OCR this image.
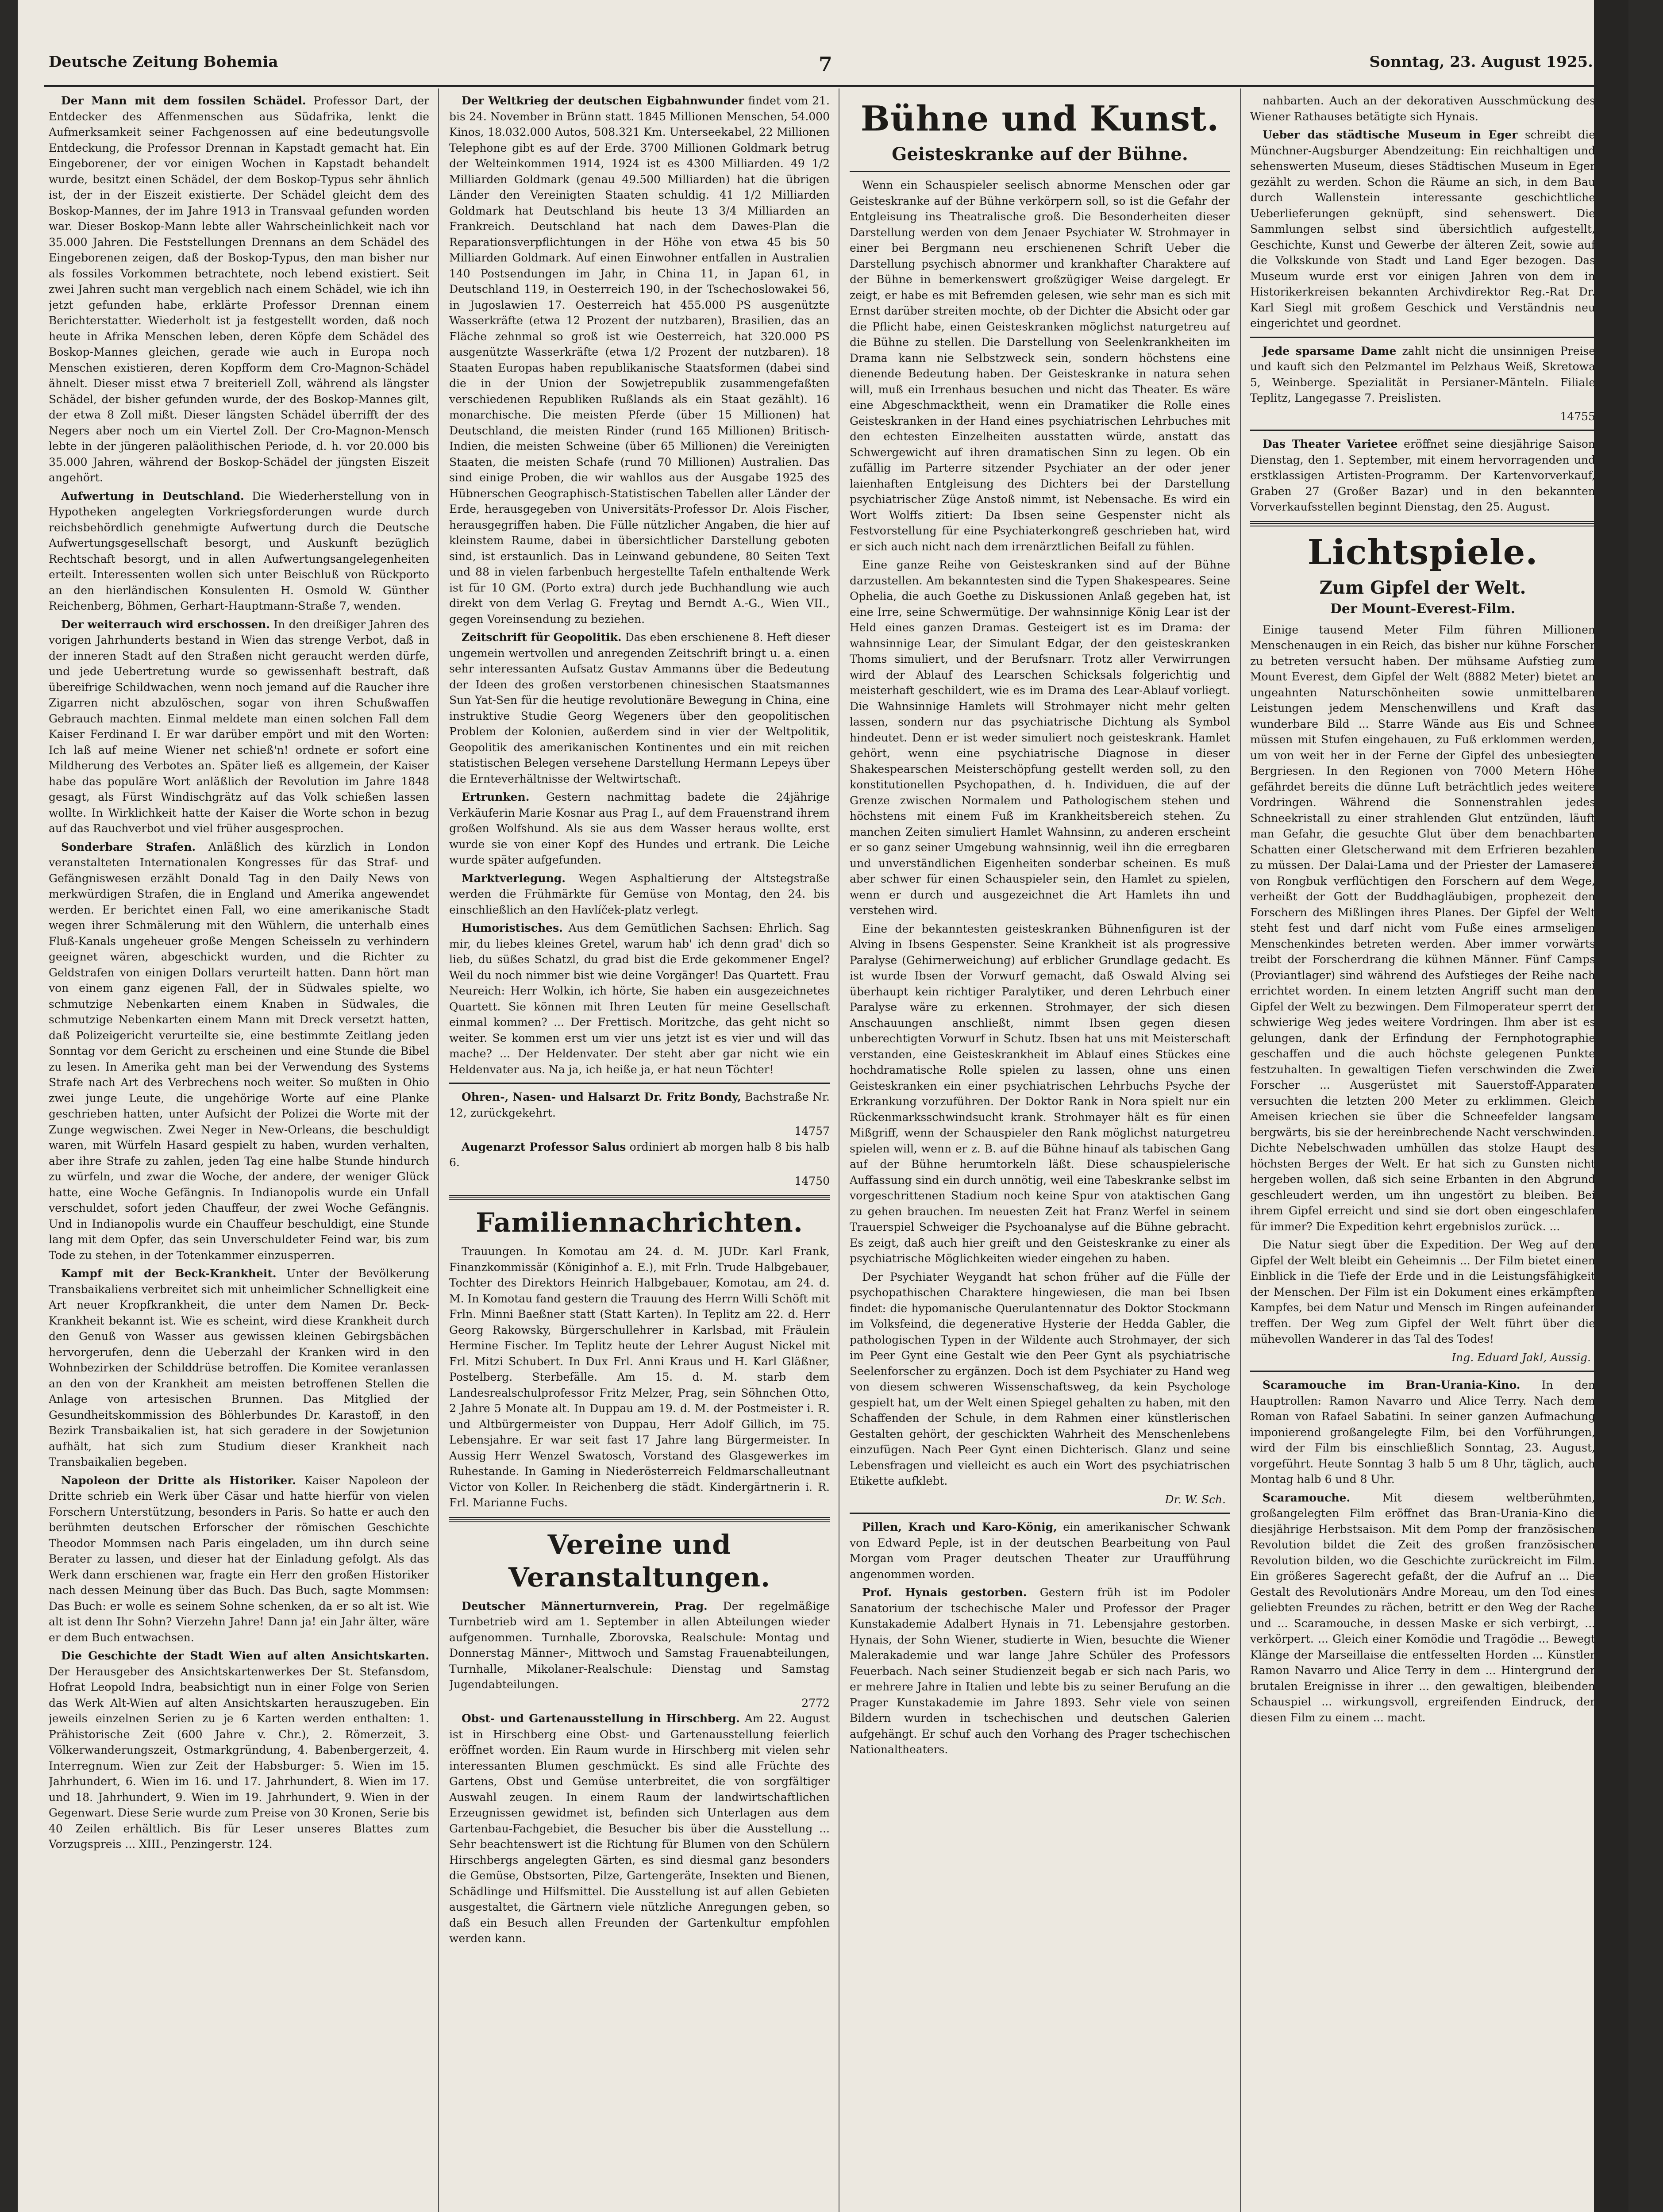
Deutsche Zeitung Bohemia	7	Sonntag, 23. August 1925.

Der Mann mit dem fossilen Schädel. Professor Dart, der Entdecker des Affenmenschen aus Südafrika, lenkt die Aufmerksamkeit seiner Fachgenossen auf eine bedeutungsvolle Entdeckung, die Professor Drennan in Kapstadt gemacht hat. Ein Eingeborener, der vor einigen Wochen in Kapstadt behandelt wurde, besitzt einen Schädel, der dem Boskop-Typus sehr ähnlich ist, der in der Eiszeit existierte. Der Schädel gleicht dem des Boskop-Mannes, der im Jahre 1913 in Transvaal gefunden worden war. Dieser Boskop-Mann lebte aller Wahrscheinlichkeit nach vor 35.000 Jahren. Die Feststellungen Drennans an dem Schädel des Eingeborenen zeigen, daß der Boskop-Typus, den man bisher nur als fossiles Vorkommen betrachtete, noch lebend existiert. Seit zwei Jahren sucht man vergeblich nach einem Schädel, wie ich ihn jetzt gefunden habe, erklärte Professor Drennan einem Berichterstatter. Wiederholt ist ja festgestellt worden, daß noch heute in Afrika Menschen leben, deren Köpfe dem Schädel des Boskop-Mannes gleichen, gerade wie auch in Europa noch Menschen existieren, deren Kopfform dem Cro-Magnon-Schädel ähnelt. Dieser misst etwa 7 breiteriell Zoll, während als längster Schädel, der bisher gefunden wurde, der des Boskop-Mannes gilt, der etwa 8 Zoll mißt. Dieser längsten Schädel überrifft der des Negers aber noch um ein Viertel Zoll. Der Cro-Magnon-Mensch lebte in der jüngeren paläolithischen Periode, d. h. vor 20.000 bis 35.000 Jahren, während der Boskop-Schädel der jüngsten Eiszeit angehört.

Aufwertung in Deutschland. Die Wiederherstellung von in Hypotheken angelegten Vorkriegsforderungen wurde durch reichsbehördlich genehmigte Aufwertung durch die Deutsche Aufwertungsgesellschaft besorgt, und Auskunft bezüglich Rechtschaft besorgt, und in allen Aufwertungsangelegenheiten erteilt. Interessenten wollen sich unter Beischluß von Rückporto an den hierländischen Konsulenten H. Osmold W. Günther Reichenberg, Böhmen, Gerhart-Hauptmann-Straße 7, wenden.

Der weiterrauch wird erschossen. In den dreißiger Jahren des vorigen Jahrhunderts bestand in Wien das strenge Verbot, daß in der inneren Stadt auf den Straßen nicht geraucht werden dürfe, und jede Uebertretung wurde so gewissenhaft bestraft, daß übereifrige Schildwachen, wenn noch jemand auf die Raucher ihre Zigarren nicht abzulöschen, sogar von ihren Schußwaffen Gebrauch machten. Einmal meldete man einen solchen Fall dem Kaiser Ferdinand I. Er war darüber empört und mit den Worten: Ich laß auf meine Wiener net schieß'n! ordnete er sofort eine Mildherung des Verbotes an. Später ließ es allgemein, der Kaiser habe das populäre Wort anläßlich der Revolution im Jahre 1848 gesagt, als Fürst Windischgrätz auf das Volk schießen lassen wollte. In Wirklichkeit hatte der Kaiser die Worte schon in bezug auf das Rauchverbot und viel früher ausgesprochen.

Sonderbare Strafen. Anläßlich des kürzlich in London veranstalteten Internationalen Kongresses für das Straf- und Gefängniswesen erzählt Donald Tag in den Daily News von merkwürdigen Strafen, die in England und Amerika angewendet werden. Er berichtet einen Fall, wo eine amerikanische Stadt wegen ihrer Schmälerung mit den Wühlern, die unterhalb eines Fluß-Kanals ungeheuer große Mengen Scheisseln zu verhindern geeignet wären, abgeschickt wurden, und die Richter zu Geldstrafen von einigen Dollars verurteilt hatten. Dann hört man von einem ganz eigenen Fall, der in Südwales spielte, wo schmutzige Nebenkarten einem Knaben in Südwales, die schmutzige Nebenkarten einem Mann mit Dreck versetzt hatten, daß Polizeigericht verurteilte sie, eine bestimmte Zeitlang jeden Sonntag vor dem Gericht zu erscheinen und eine Stunde die Bibel zu lesen. In Amerika geht man bei der Verwendung des Systems Strafe nach Art des Verbrechens noch weiter. So mußten in Ohio zwei junge Leute, die ungehörige Worte auf eine Planke geschrieben hatten, unter Aufsicht der Polizei die Worte mit der Zunge wegwischen. Zwei Neger in New-Orleans, die beschuldigt waren, mit Würfeln Hasard gespielt zu haben, wurden verhalten, aber ihre Strafe zu zahlen, jeden Tag eine halbe Stunde hindurch zu würfeln, und zwar die Woche, der andere, der weniger Glück hatte, eine Woche Gefängnis. In Indianopolis wurde ein Unfall verschuldet, sofort jeden Chauffeur, der zwei Woche Gefängnis. Und in Indianopolis wurde ein Chauffeur beschuldigt, eine Stunde lang mit dem Opfer, das sein Unverschuldeter Feind war, bis zum Tode zu stehen, in der Totenkammer einzusperren.

Kampf mit der Beck-Krankheit. Unter der Bevölkerung Transbaikaliens verbreitet sich mit unheimlicher Schnelligkeit eine Art neuer Kropfkrankheit, die unter dem Namen Dr. Beck-Krankheit bekannt ist. Wie es scheint, wird diese Krankheit durch den Genuß von Wasser aus gewissen kleinen Gebirgsbächen hervorgerufen, denn die Ueberzahl der Kranken wird in den Wohnbezirken der Schilddrüse betroffen. Die Komitee veranlassen an den von der Krankheit am meisten betroffenen Stellen die Anlage von artesischen Brunnen. Das Mitglied der Gesundheitskommission des Böhlerbundes Dr. Karastoff, in den Bezirk Transbaikalien ist, hat sich geradere in der Sowjetunion aufhält, hat sich zum Studium dieser Krankheit nach Transbaikalien begeben.

Napoleon der Dritte als Historiker. Kaiser Napoleon der Dritte schrieb ein Werk über Cäsar und hatte hierfür von vielen Forschern Unterstützung, besonders in Paris. So hatte er auch den berühmten deutschen Erforscher der römischen Geschichte Theodor Mommsen nach Paris eingeladen, um ihn durch seine Berater zu lassen, und dieser hat der Einladung gefolgt. Als das Werk dann erschienen war, fragte ein Herr den großen Historiker nach dessen Meinung über das Buch. Das Buch, sagte Mommsen: Das Buch: er wolle es seinem Sohne schenken, da er so alt ist. Wie alt ist denn Ihr Sohn? Vierzehn Jahre! Dann ja! ein Jahr älter, wäre er dem Buch entwachsen.

Die Geschichte der Stadt Wien auf alten Ansichtskarten. Der Herausgeber des Ansichtskartenwerkes Der St. Stefansdom, Hofrat Leopold Indra, beabsichtigt nun in einer Folge von Serien das Werk Alt-Wien auf alten Ansichtskarten herauszugeben. Ein jeweils einzelnen Serien zu je 6 Karten werden enthalten: 1. Prähistorische Zeit (600 Jahre v. Chr.), 2. Römerzeit, 3. Völkerwanderungszeit, Ostmarkgründung, 4. Babenbergerzeit, 4. Interregnum. Wien zur Zeit der Habsburger: 5. Wien im 15. Jahrhundert, 6. Wien im 16. und 17. Jahrhundert, 8. Wien im 17. und 18. Jahrhundert, 9. Wien im 19. Jahrhundert, 9. Wien in der Gegenwart. Diese Serie wurde zum Preise von 30 Kronen, Serie bis 40 Zeilen erhältlich. Bis für Leser unseres Blattes zum Vorzugspreis ... XIII., Penzingerstr. 124.

Der Weltkrieg der deutschen Eigbahnwunder findet vom 21. bis 24. November in Brünn statt. 1845 Millionen Menschen, 54.000 Kinos, 18.032.000 Autos, 508.321 Km. Unterseekabel, 22 Millionen Telephone gibt es auf der Erde. 3700 Millionen Goldmark betrug der Welteinkommen 1914, 1924 ist es 4300 Milliarden. 49 1/2 Milliarden Goldmark (genau 49.500 Milliarden) hat die übrigen Länder den Vereinigten Staaten schuldig. 41 1/2 Milliarden Goldmark hat Deutschland bis heute 13 3/4 Milliarden an Frankreich. Deutschland hat nach dem Dawes-Plan die Reparationsverpflichtungen in der Höhe von etwa 45 bis 50 Milliarden Goldmark. Auf einen Einwohner entfallen in Australien 140 Postsendungen im Jahr, in China 11, in Japan 61, in Deutschland 119, in Oesterreich 190, in der Tschechoslowakei 56, in Jugoslawien 17. Oesterreich hat 455.000 PS ausgenützte Wasserkräfte (etwa 12 Prozent der nutzbaren), Brasilien, das an Fläche zehnmal so groß ist wie Oesterreich, hat 320.000 PS ausgenützte Wasserkräfte (etwa 1/2 Prozent der nutzbaren). 18 Staaten Europas haben republikanische Staatsformen (dabei sind die in der Union der Sowjetrepublik zusammengefaßten verschiedenen Republiken Rußlands als ein Staat gezählt). 16 monarchische. Die meisten Pferde (über 15 Millionen) hat Deutschland, die meisten Rinder (rund 165 Millionen) Britisch-Indien, die meisten Schweine (über 65 Millionen) die Vereinigten Staaten, die meisten Schafe (rund 70 Millionen) Australien. Das sind einige Proben, die wir wahllos aus der Ausgabe 1925 des Hübnerschen Geographisch-Statistischen Tabellen aller Länder der Erde, herausgegeben von Universitäts-Professor Dr. Alois Fischer, herausgegriffen haben. Die Fülle nützlicher Angaben, die hier auf kleinstem Raume, dabei in übersichtlicher Darstellung geboten sind, ist erstaunlich. Das in Leinwand gebundene, 80 Seiten Text und 88 in vielen farbenbuch hergestellte Tafeln enthaltende Werk ist für 10 GM. (Porto extra) durch jede Buchhandlung wie auch direkt von dem Verlag G. Freytag und Berndt A.-G., Wien VII., gegen Voreinsendung zu beziehen.

Zeitschrift für Geopolitik. Das eben erschienene 8. Heft dieser ungemein wertvollen und anregenden Zeitschrift bringt u. a. einen sehr interessanten Aufsatz Gustav Ammanns über die Bedeutung der Ideen des großen verstorbenen chinesischen Staatsmannes Sun Yat-Sen für die heutige revolutionäre Bewegung in China, eine instruktive Studie Georg Wegeners über den geopolitischen Problem der Kolonien, außerdem sind in vier der Weltpolitik, Geopolitik des amerikanischen Kontinentes und ein mit reichen statistischen Belegen versehene Darstellung Hermann Lepeys über die Ernteverhältnisse der Weltwirtschaft.

Ertrunken. Gestern nachmittag badete die 24jährige Verkäuferin Marie Kosnar aus Prag I., auf dem Frauenstrand ihrem großen Wolfshund. Als sie aus dem Wasser heraus wollte, erst wurde sie von einer Kopf des Hundes und ertrank. Die Leiche wurde später aufgefunden.

Marktverlegung. Wegen Asphaltierung der Altstegstraße werden die Frühmärkte für Gemüse von Montag, den 24. bis einschließlich an den Havlíček-platz verlegt.

Humoristisches. Aus dem Gemütlichen Sachsen: Ehrlich. Sag mir, du liebes kleines Gretel, warum hab' ich denn grad' dich so lieb, du süßes Schatzl, du grad bist die Erde gekommener Engel? Weil du noch nimmer bist wie deine Vorgänger! Das Quartett. Frau Neureich: Herr Wolkin, ich hörte, Sie haben ein ausgezeichnetes Quartett. Sie können mit Ihren Leuten für meine Gesellschaft einmal kommen? ... Der Frettisch. Moritzche, das geht nicht so weiter. Se kommen erst um vier uns jetzt ist es vier und will das mache? ... Der Heldenvater. Der steht aber gar nicht wie ein Heldenvater aus. Na ja, ich heiße ja, er hat neun Töchter!

Ohren-, Nasen- und Halsarzt Dr. Fritz Bondy, Bachstraße Nr. 12, zurückgekehrt.

14757

Augenarzt Professor Salus ordiniert ab morgen halb 8 bis halb 6.

14750
Familiennachrichten.

Trauungen. In Komotau am 24. d. M. JUDr. Karl Frank, Finanzkommissär (Königinhof a. E.), mit Frln. Trude Halbgebauer, Tochter des Direktors Heinrich Halbgebauer, Komotau, am 24. d. M. In Komotau fand gestern die Trauung des Herrn Willi Schöft mit Frln. Minni Baeßner statt (Statt Karten). In Teplitz am 22. d. Herr Georg Rakowsky, Bürgerschullehrer in Karlsbad, mit Fräulein Hermine Fischer. Im Teplitz heute der Lehrer August Nickel mit Frl. Mitzi Schubert. In Dux Frl. Anni Kraus und H. Karl Gläßner, Postelberg. Sterbefälle. Am 15. d. M. starb dem Landesrealschulprofessor Fritz Melzer, Prag, sein Söhnchen Otto, 2 Jahre 5 Monate alt. In Duppau am 19. d. M. der Postmeister i. R. und Altbürgermeister von Duppau, Herr Adolf Gillich, im 75. Lebensjahre. Er war seit fast 17 Jahre lang Bürgermeister. In Aussig Herr Wenzel Swatosch, Vorstand des Glasgewerkes im Ruhestande. In Gaming in Niederösterreich Feldmarschalleutnant Victor von Koller. In Reichenberg die städt. Kindergärtnerin i. R. Frl. Marianne Fuchs.

Vereine und Veranstaltungen.

Deutscher Männerturnverein, Prag. Der regelmäßige Turnbetrieb wird am 1. September in allen Abteilungen wieder aufgenommen. Turnhalle, Zborovska, Realschule: Montag und Donnerstag Männer-, Mittwoch und Samstag Frauenabteilungen, Turnhalle, Mikolaner-Realschule: Dienstag und Samstag Jugendabteilungen.

2772

Obst- und Gartenausstellung in Hirschberg. Am 22. August ist in Hirschberg eine Obst- und Gartenausstellung feierlich eröffnet worden. Ein Raum wurde in Hirschberg mit vielen sehr interessanten Blumen geschmückt. Es sind alle Früchte des Gartens, Obst und Gemüse unterbreitet, die von sorgfältiger Auswahl zeugen. In einem Raum der landwirtschaftlichen Erzeugnissen gewidmet ist, befinden sich Unterlagen aus dem Gartenbau-Fachgebiet, die Besucher bis über die Ausstellung ... Sehr beachtenswert ist die Richtung für Blumen von den Schülern Hirschbergs angelegten Gärten, es sind diesmal ganz besonders die Gemüse, Obstsorten, Pilze, Gartengeräte, Insekten und Bienen, Schädlinge und Hilfsmittel. Die Ausstellung ist auf allen Gebieten ausgestaltet, die Gärtnern viele nützliche Anregungen geben, so daß ein Besuch allen Freunden der Gartenkultur empfohlen werden kann.

Bühne und Kunst.
Geisteskranke auf der Bühne.

Wenn ein Schauspieler seelisch abnorme Menschen oder gar Geisteskranke auf der Bühne verkörpern soll, so ist die Gefahr der Entgleisung ins Theatralische groß. Die Besonderheiten dieser Darstellung werden von dem Jenaer Psychiater W. Strohmayer in einer bei Bergmann neu erschienenen Schrift Ueber die Darstellung psychisch abnormer und krankhafter Charaktere auf der Bühne in bemerkenswert großzügiger Weise dargelegt. Er zeigt, er habe es mit Befremden gelesen, wie sehr man es sich mit Ernst darüber streiten mochte, ob der Dichter die Absicht oder gar die Pflicht habe, einen Geisteskranken möglichst naturgetreu auf die Bühne zu stellen. Die Darstellung von Seelenkrankheiten im Drama kann nie Selbstzweck sein, sondern höchstens eine dienende Bedeutung haben. Der Geisteskranke in natura sehen will, muß ein Irrenhaus besuchen und nicht das Theater. Es wäre eine Abgeschmacktheit, wenn ein Dramatiker die Rolle eines Geisteskranken in der Hand eines psychiatrischen Lehrbuches mit den echtesten Einzelheiten ausstatten würde, anstatt das Schwergewicht auf ihren dramatischen Sinn zu legen. Ob ein zufällig im Parterre sitzender Psychiater an der oder jener laienhaften Entgleisung des Dichters bei der Darstellung psychiatrischer Züge Anstoß nimmt, ist Nebensache. Es wird ein Wort Wolffs zitiert: Da Ibsen seine Gespenster nicht als Festvorstellung für eine Psychiaterkongreß geschrieben hat, wird er sich auch nicht nach dem irrenärztlichen Beifall zu fühlen.

Eine ganze Reihe von Geisteskranken sind auf der Bühne darzustellen. Am bekanntesten sind die Typen Shakespeares. Seine Ophelia, die auch Goethe zu Diskussionen Anlaß gegeben hat, ist eine Irre, seine Schwermütige. Der wahnsinnige König Lear ist der Held eines ganzen Dramas. Gesteigert ist es im Drama: der wahnsinnige Lear, der Simulant Edgar, der den geisteskranken Thoms simuliert, und der Berufsnarr. Trotz aller Verwirrungen wird der Ablauf des Learschen Schicksals folgerichtig und meisterhaft geschildert, wie es im Drama des Lear-Ablauf vorliegt. Die Wahnsinnige Hamlets will Strohmayer nicht mehr gelten lassen, sondern nur das psychiatrische Dichtung als Symbol hindeutet. Denn er ist weder simuliert noch geisteskrank. Hamlet gehört, wenn eine psychiatrische Diagnose in dieser Shakespearschen Meisterschöpfung gestellt werden soll, zu den konstitutionellen Psychopathen, d. h. Individuen, die auf der Grenze zwischen Normalem und Pathologischem stehen und höchstens mit einem Fuß im Krankheitsbereich stehen. Zu manchen Zeiten simuliert Hamlet Wahnsinn, zu anderen erscheint er so ganz seiner Umgebung wahnsinnig, weil ihn die erregbaren und unverständlichen Eigenheiten sonderbar scheinen. Es muß aber schwer für einen Schauspieler sein, den Hamlet zu spielen, wenn er durch und ausgezeichnet die Art Hamlets ihn und verstehen wird.

Eine der bekanntesten geisteskranken Bühnenfiguren ist der Alving in Ibsens Gespenster. Seine Krankheit ist als progressive Paralyse (Gehirnerweichung) auf erblicher Grundlage gedacht. Es ist wurde Ibsen der Vorwurf gemacht, daß Oswald Alving sei überhaupt kein richtiger Paralytiker, und deren Lehrbuch einer Paralyse wäre zu erkennen. Strohmayer, der sich diesen Anschauungen anschließt, nimmt Ibsen gegen diesen unberechtigten Vorwurf in Schutz. Ibsen hat uns mit Meisterschaft verstanden, eine Geisteskrankheit im Ablauf eines Stückes eine hochdramatische Rolle spielen zu lassen, ohne uns einen Geisteskranken ein einer psychiatrischen Lehrbuchs Psyche der Erkrankung vorzuführen. Der Doktor Rank in Nora spielt nur ein Rückenmarksschwindsucht krank. Strohmayer hält es für einen Mißgriff, wenn der Schauspieler den Rank möglichst naturgetreu spielen will, wenn er z. B. auf die Bühne hinauf als tabischen Gang auf der Bühne herumtorkeln läßt. Diese schauspielerische Auffassung sind ein durch unnötig, weil eine Tabeskranke selbst im vorgeschrittenen Stadium noch keine Spur von ataktischen Gang zu gehen brauchen. Im neuesten Zeit hat Franz Werfel in seinem Trauerspiel Schweiger die Psychoanalyse auf die Bühne gebracht. Es zeigt, daß auch hier greift und den Geisteskranke zu einer als psychiatrische Möglichkeiten wieder eingehen zu haben.

Der Psychiater Weygandt hat schon früher auf die Fülle der psychopathischen Charaktere hingewiesen, die man bei Ibsen findet: die hypomanische Querulantennatur des Doktor Stockmann im Volksfeind, die degenerative Hysterie der Hedda Gabler, die pathologischen Typen in der Wildente auch Strohmayer, der sich im Peer Gynt eine Gestalt wie den Peer Gynt als psychiatrische Seelenforscher zu ergänzen. Doch ist dem Psychiater zu Hand weg von diesem schweren Wissenschaftsweg, da kein Psychologe gespielt hat, um der Welt einen Spiegel gehalten zu haben, mit den Schaffenden der Schule, in dem Rahmen einer künstlerischen Gestalten gehört, der geschickten Wahrheit des Menschenlebens einzufügen. Nach Peer Gynt einen Dichterisch. Glanz und seine Lebensfragen und vielleicht es auch ein Wort des psychiatrischen Etikette aufklebt.

Dr. W. Sch.

Pillen, Krach und Karo-König, ein amerikanischer Schwank von Edward Peple, ist in der deutschen Bearbeitung von Paul Morgan vom Prager deutschen Theater zur Uraufführung angenommen worden.

Prof. Hynais gestorben. Gestern früh ist im Podoler Sanatorium der tschechische Maler und Professor der Prager Kunstakademie Adalbert Hynais in 71. Lebensjahre gestorben. Hynais, der Sohn Wiener, studierte in Wien, besuchte die Wiener Malerakademie und war lange Jahre Schüler des Professors Feuerbach. Nach seiner Studienzeit begab er sich nach Paris, wo er mehrere Jahre in Italien und lebte bis zu seiner Berufung an die Prager Kunstakademie im Jahre 1893. Sehr viele von seinen Bildern wurden in tschechischen und deutschen Galerien aufgehängt. Er schuf auch den Vorhang des Prager tschechischen Nationaltheaters.

nahbarten. Auch an der dekorativen Ausschmückung des Wiener Rathauses betätigte sich Hynais.

Ueber das städtische Museum in Eger schreibt die Münchner-Augsburger Abendzeitung: Ein reichhaltigen und sehenswerten Museum, dieses Städtischen Museum in Eger gezählt zu werden. Schon die Räume an sich, in dem Bau durch Wallenstein interessante geschichtliche Ueberlieferungen geknüpft, sind sehenswert. Die Sammlungen selbst sind übersichtlich aufgestellt, Geschichte, Kunst und Gewerbe der älteren Zeit, sowie auf die Volkskunde von Stadt und Land Eger bezogen. Das Museum wurde erst vor einigen Jahren von dem in Historikerkreisen bekannten Archivdirektor Reg.-Rat Dr. Karl Siegl mit großem Geschick und Verständnis neu eingerichtet und geordnet.

Jede sparsame Dame zahlt nicht die unsinnigen Preise und kauft sich den Pelzmantel im Pelzhaus Weiß, Skretowa 5, Weinberge. Spezialität in Persianer-Mänteln. Filiale Teplitz, Langegasse 7. Preislisten.

14755

Das Theater Varietee eröffnet seine diesjährige Saison Dienstag, den 1. September, mit einem hervorragenden und erstklassigen Artisten-Programm. Der Kartenvorverkauf, Graben 27 (Großer Bazar) und in den bekannten Vorverkaufsstellen beginnt Dienstag, den 25. August.

Lichtspiele.
Zum Gipfel der Welt.
Der Mount-Everest-Film.

Einige tausend Meter Film führen Millionen Menschenaugen in ein Reich, das bisher nur kühne Forscher zu betreten versucht haben. Der mühsame Aufstieg zum Mount Everest, dem Gipfel der Welt (8882 Meter) bietet an ungeahnten Naturschönheiten sowie unmittelbaren Leistungen jedem Menschenwillens und Kraft das wunderbare Bild ... Starre Wände aus Eis und Schnee müssen mit Stufen eingehauen, zu Fuß erklommen werden, um von weit her in der Ferne der Gipfel des unbesiegten Bergriesen. In den Regionen von 7000 Metern Höhe gefährdet bereits die dünne Luft beträchtlich jedes weitere Vordringen. Während die Sonnenstrahlen jedes Schneekristall zu einer strahlenden Glut entzünden, läuft man Gefahr, die gesuchte Glut über dem benachbarten Schatten einer Gletscherwand mit dem Erfrieren bezahlen zu müssen. Der Dalai-Lama und der Priester der Lamaserei von Rongbuk verflüchtigen den Forschern auf dem Wege, verheißt der Gott der Buddhagläubigen, prophezeit den Forschern des Mißlingen ihres Planes. Der Gipfel der Welt steht fest und darf nicht vom Fuße eines armseligen Menschenkindes betreten werden. Aber immer vorwärts treibt der Forscherdrang die kühnen Männer. Fünf Camps (Proviantlager) sind während des Aufstieges der Reihe nach errichtet worden. In einem letzten Angriff sucht man den Gipfel der Welt zu bezwingen. Dem Filmoperateur sperrt der schwierige Weg jedes weitere Vordringen. Ihm aber ist es gelungen, dank der Erfindung der Fernphotographie geschaffen und die auch höchste gelegenen Punkte festzuhalten. In gewaltigen Tiefen verschwinden die Zwei Forscher ... Ausgerüstet mit Sauerstoff-Apparaten versuchten die letzten 200 Meter zu erklimmen. Gleich Ameisen kriechen sie über die Schneefelder langsam bergwärts, bis sie der hereinbrechende Nacht verschwinden. Dichte Nebelschwaden umhüllen das stolze Haupt des höchsten Berges der Welt. Er hat sich zu Gunsten nicht hergeben wollen, daß sich seine Erbanten in den Abgrund geschleudert werden, um ihn ungestört zu bleiben. Bei ihrem Gipfel erreicht und sind sie dort oben eingeschlafen für immer? Die Expedition kehrt ergebnislos zurück. ...

Die Natur siegt über die Expedition. Der Weg auf den Gipfel der Welt bleibt ein Geheimnis ... Der Film bietet einen Einblick in die Tiefe der Erde und in die Leistungsfähigkeit der Menschen. Der Film ist ein Dokument eines erkämpften Kampfes, bei dem Natur und Mensch im Ringen aufeinander treffen. Der Weg zum Gipfel der Welt führt über die mühevollen Wanderer in das Tal des Todes!

Ing. Eduard Jakl, Aussig.

Scaramouche im Bran-Urania-Kino. In den Hauptrollen: Ramon Navarro und Alice Terry. Nach dem Roman von Rafael Sabatini. In seiner ganzen Aufmachung imponierend großangelegte Film, bei den Vorführungen, wird der Film bis einschließlich Sonntag, 23. August, vorgeführt. Heute Sonntag 3 halb 5 um 8 Uhr, täglich, auch Montag halb 6 und 8 Uhr.

Scaramouche.	Mit diesem weltberühmten, großangelegten Film eröffnet das Bran-Urania-Kino die diesjährige Herbstsaison. Mit dem Pomp der französischen Revolution bildet die Zeit des großen französischen Revolution bilden, wo die Geschichte zurückreicht im Film. Ein größeres Sagerecht gefaßt, der die Aufruf an ... Die Gestalt des Revolutionärs Andre Moreau, um den Tod eines geliebten Freundes zu rächen, betritt er den Weg der Rache und ... Scaramouche, in dessen Maske er sich verbirgt, ... verkörpert. ... Gleich einer Komödie und Tragödie ... Bewegt Klänge der Marseillaise die entfesselten Horden ... Künstler Ramon Navarro und Alice Terry in dem ... Hintergrund der brutalen Ereignisse in ihrer ... den gewaltigen, bleibenden Schauspiel ... wirkungsvoll, ergreifenden Eindruck, der diesen Film zu einem ... macht.
